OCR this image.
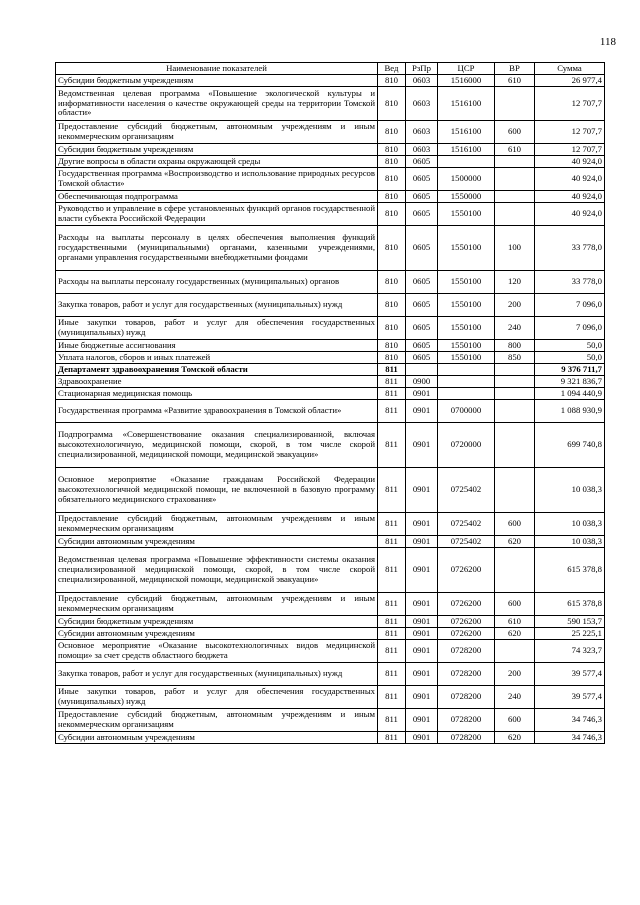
118
Наименование показателей	Вед	РзПр	ЦСР	ВР	Сумма
Субсидии бюджетным учреждениям	810	0603	1516000	610	26 977,4
Ведомственная целевая программа «Повышение экологической культуры и информативности населения о качестве окружающей среды на территории Томской области»	810	0603	1516100		12 707,7
Предоставление субсидий бюджетным, автономным учреждениям и иным некоммерческим организациям	810	0603	1516100	600	12 707,7
Субсидии бюджетным учреждениям	810	0603	1516100	610	12 707,7
Другие вопросы в области охраны окружающей среды	810	0605			40 924,0
Государственная программа «Воспроизводство и использование природных ресурсов Томской области»	810	0605	1500000		40 924,0
Обеспечивающая подпрограмма	810	0605	1550000		40 924,0
Руководство и управление в сфере установленных функций органов государственной власти субъекта Российской Федерации	810	0605	1550100		40 924,0
Расходы на выплаты персоналу в целях обеспечения выполнения функций государственными (муниципальными) органами, казенными учреждениями, органами управления государственными внебюджетными фондами	810	0605	1550100	100	33 778,0
Расходы на выплаты персоналу государственных (муниципальных) органов	810	0605	1550100	120	33 778,0
Закупка товаров, работ и услуг для государственных (муниципальных) нужд	810	0605	1550100	200	7 096,0
Иные закупки товаров, работ и услуг для обеспечения государственных (муниципальных) нужд	810	0605	1550100	240	7 096,0
Иные бюджетные ассигнования	810	0605	1550100	800	50,0
Уплата налогов, сборов и иных платежей	810	0605	1550100	850	50,0
Департамент здравоохранения Томской области	811				9 376 711,7
Здравоохранение	811	0900			9 321 836,7
Стационарная медицинская помощь	811	0901			1 094 440,9
Государственная программа «Развитие здравоохранения в Томской области»	811	0901	0700000		1 088 930,9
Подпрограмма «Совершенствование оказания специализированной, включая высокотехнологичную, медицинской помощи, скорой, в том числе скорой специализированной, медицинской помощи, медицинской эвакуации»	811	0901	0720000		699 740,8
Основное мероприятие «Оказание гражданам Российской Федерации высокотехнологичной медицинской помощи, не включенной в базовую программу обязательного медицинского страхования»	811	0901	0725402		10 038,3
Предоставление субсидий бюджетным, автономным учреждениям и иным некоммерческим организациям	811	0901	0725402	600	10 038,3
Субсидии автономным учреждениям	811	0901	0725402	620	10 038,3
Ведомственная целевая программа «Повышение эффективности системы оказания специализированной медицинской помощи, скорой, в том числе скорой специализированной, медицинской помощи, медицинской эвакуации»	811	0901	0726200		615 378,8
Предоставление субсидий бюджетным, автономным учреждениям и иным некоммерческим организациям	811	0901	0726200	600	615 378,8
Субсидии бюджетным учреждениям	811	0901	0726200	610	590 153,7
Субсидии автономным учреждениям	811	0901	0726200	620	25 225,1
Основное мероприятие «Оказание высокотехнологичных видов медицинской помощи» за счет средств областного бюджета	811	0901	0728200		74 323,7
Закупка товаров, работ и услуг для государственных (муниципальных) нужд	811	0901	0728200	200	39 577,4
Иные закупки товаров, работ и услуг для обеспечения государственных (муниципальных) нужд	811	0901	0728200	240	39 577,4
Предоставление субсидий бюджетным, автономным учреждениям и иным некоммерческим организациям	811	0901	0728200	600	34 746,3
Субсидии автономным учреждениям	811	0901	0728200	620	34 746,3
